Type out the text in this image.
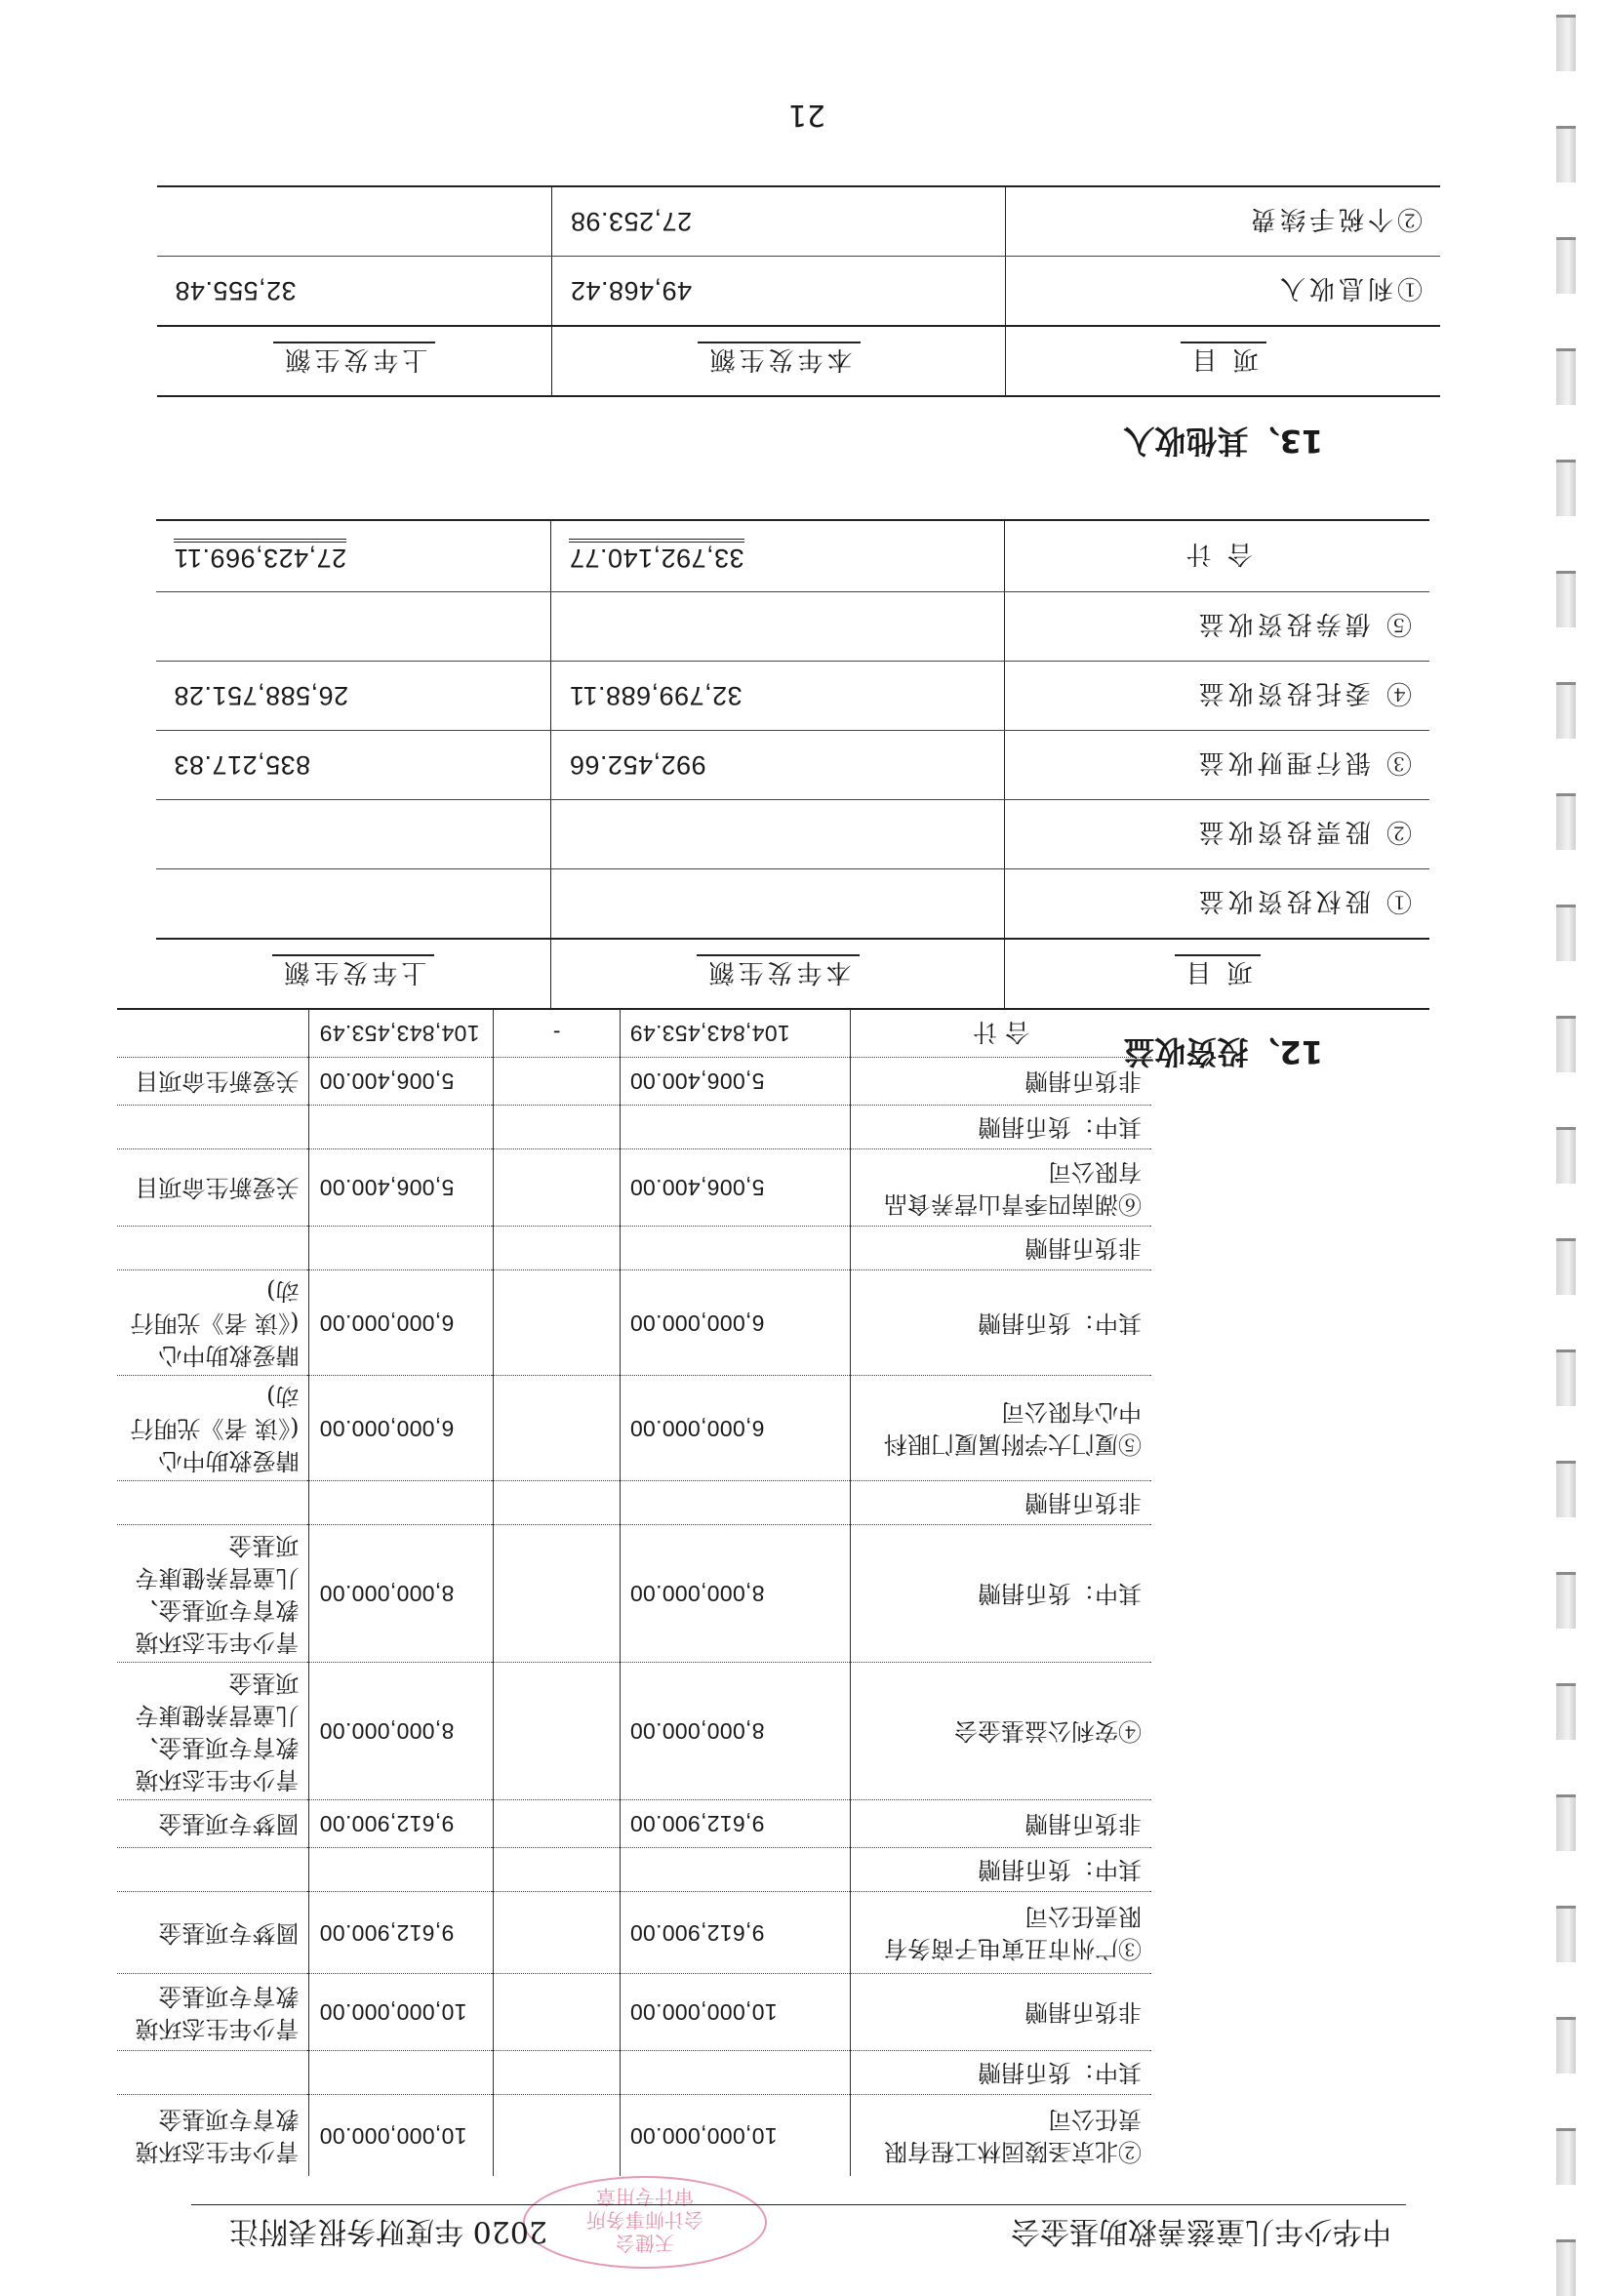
中华少年儿童慈善救助基金会
天健会
会计师事务所
审计专用章
2020 年度财务报表附注
②北京圣陵园林工程有限责任公司	10,000,000.00		10,000,000.00	青少年生态环境教育专项基金
其中：货币捐赠				
非货币捐赠	10,000,000.00		10,000,000.00	青少年生态环境教育专项基金
③广州市丑寅电子商务有限责任公司	9,612,900.00		9,612,900.00	圆梦专项基金
其中：货币捐赠				
非货币捐赠	9,612,900.00		9,612,900.00	圆梦专项基金
④安利公益基金会	8,000,000.00		8,000,000.00	青少年生态环境教育专项基金、儿童营养健康专项基金
其中：货币捐赠	8,000,000.00		8,000,000.00	青少年生态环境教育专项基金、儿童营养健康专项基金
非货币捐赠				
⑤厦门大学附属厦门眼科中心有限公司	6,000,000.00		6,000,000.00	睛爱救助中心(《读 者》光明行动)
其中：货币捐赠	6,000,000.00		6,000,000.00	睛爱救助中心(《读 者》光明行动)
非货币捐赠				
⑥湖南四季青山营养食品有限公司	5,006,400.00		5,006,400.00	关爱新生命项目
其中：货币捐赠				
非货币捐赠	5,006,400.00		5,006,400.00	关爱新生命项目
合 计	104,843,453.49	-	104,843,453.49		12、投资收益
项 目	本年发生额	上年发生额
① 股权投资收益		
② 股票投资收益		
③ 银行理财收益	992,452.66	835,217.83
④ 委托投资收益	32,799,688.11	26,588,751.28
⑤ 债券投资收益		
合 计	33,792,140.77	27,423,969.11
13、其他收入
项 目	本年发生额	上年发生额
①利息收入	49,468.42	32,555.48
②个税手续费	27,253.98	
21
